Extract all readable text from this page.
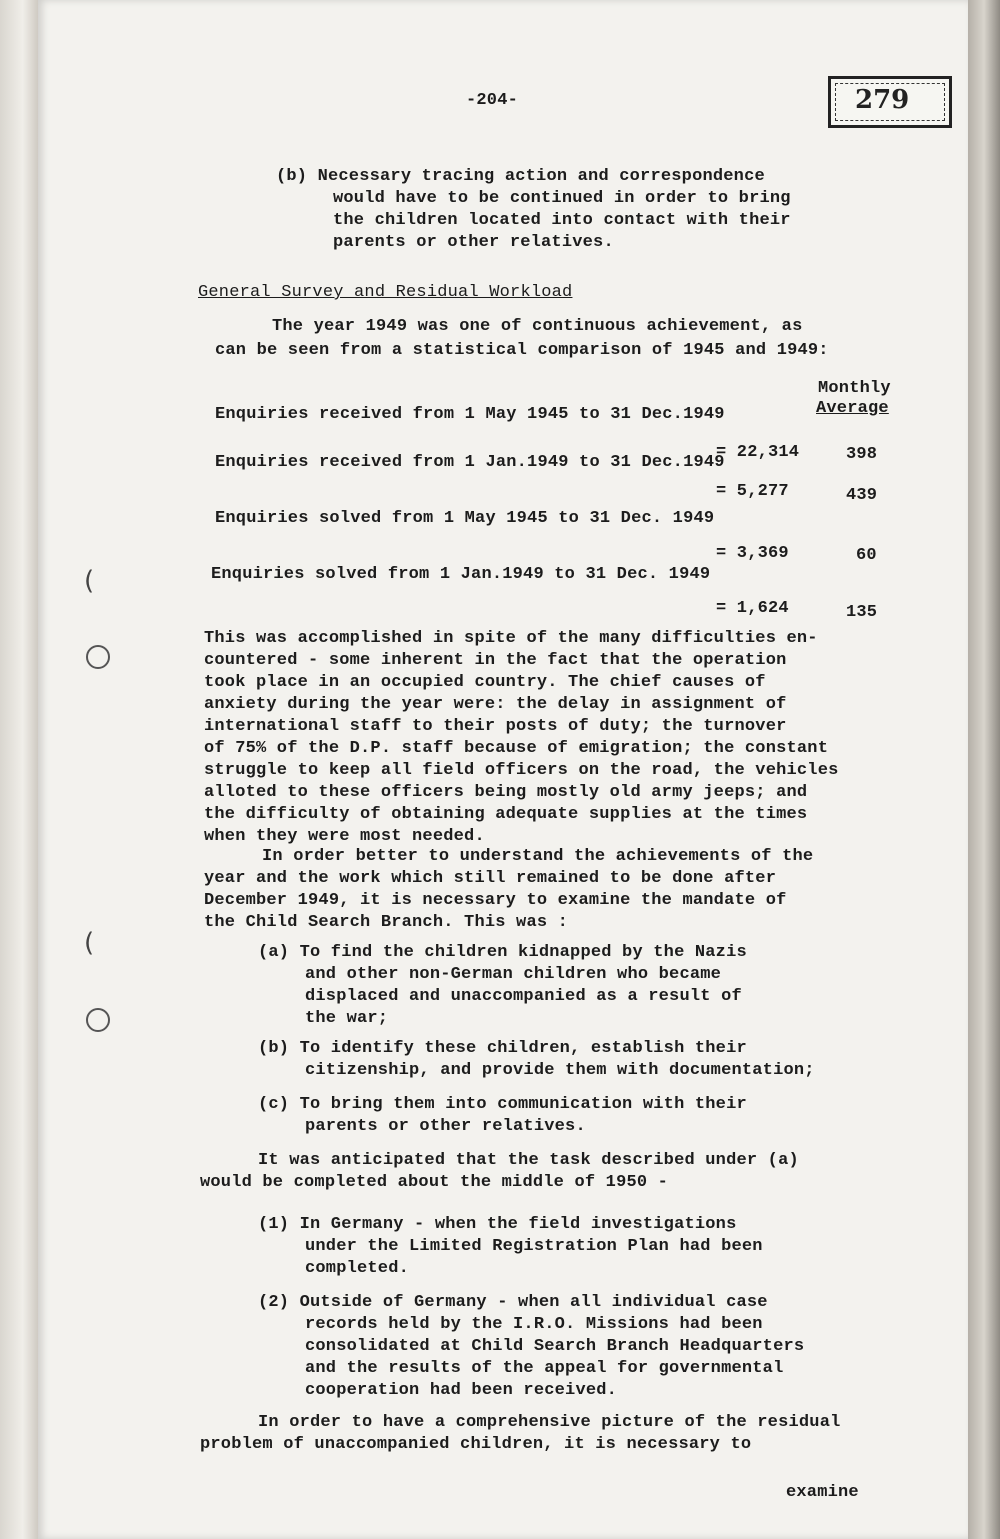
(
(
-204-	279
(b) Necessary tracing action and correspondence
would have to be continued in order to bring
the children located into contact with their
parents or other relatives.
General Survey and Residual Workload
The year 1949 was one of continuous achievement, as
can be seen from a statistical comparison of 1945 and 1949:
Monthly
Average
Enquiries received from 1 May 1945 to 31 Dec.1949
= 22,314	398
Enquiries received from 1 Jan.1949 to 31 Dec.1949
= 5,277	439
Enquiries solved from 1 May 1945 to 31 Dec. 1949
= 3,369	60
Enquiries solved from 1 Jan.1949 to 31 Dec. 1949
= 1,624	135
This was accomplished in spite of the many difficulties en-
countered - some inherent in the fact that the operation
took place in an occupied country. The chief causes of
anxiety during the year were: the delay in assignment of
international staff to their posts of duty; the turnover
of 75% of the D.P. staff because of emigration; the constant
struggle to keep all field officers on the road, the vehicles
alloted to these officers being mostly old army jeeps; and
the difficulty of obtaining adequate supplies at the times
when they were most needed.
In order better to understand the achievements of the
year and the work which still remained to be done after
December 1949, it is necessary to examine the mandate of
the Child Search Branch. This was :
(a) To find the children kidnapped by the Nazis
and other non-German children who became
displaced and unaccompanied as a result of
the war;
(b) To identify these children, establish their
citizenship, and provide them with documentation;
(c) To bring them into communication with their
parents or other relatives.
It was anticipated that the task described under (a)
would be completed about the middle of 1950 -
(1) In Germany - when the field investigations
under the Limited Registration Plan had been
completed.
(2) Outside of Germany - when all individual case
records held by the I.R.O. Missions had been
consolidated at Child Search Branch Headquarters
and the results of the appeal for governmental
cooperation had been received.
In order to have a comprehensive picture of the residual
problem of unaccompanied children, it is necessary to
examine
